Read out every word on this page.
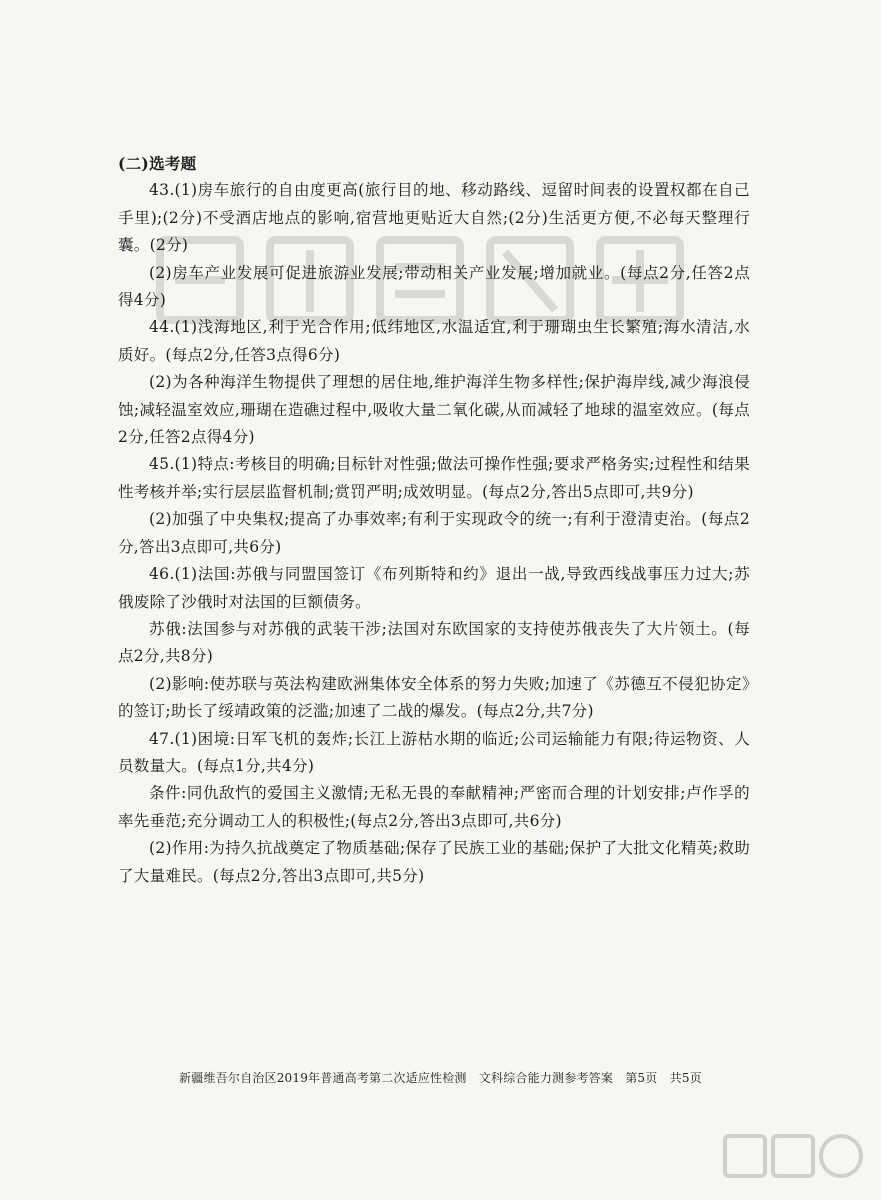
(二)选考题

43.(1)房车旅行的自由度更高(旅行目的地、移动路线、逗留时间表的设置权都在自己手里);(2分)不受酒店地点的影响,宿营地更贴近大自然;(2分)生活更方便,不必每天整理行囊。(2分)

(2)房车产业发展可促进旅游业发展;带动相关产业发展;增加就业。(每点2分,任答2点得4分)

44.(1)浅海地区,利于光合作用;低纬地区,水温适宜,利于珊瑚虫生长繁殖;海水清洁,水质好。(每点2分,任答3点得6分)

(2)为各种海洋生物提供了理想的居住地,维护海洋生物多样性;保护海岸线,减少海浪侵蚀;减轻温室效应,珊瑚在造礁过程中,吸收大量二氧化碳,从而减轻了地球的温室效应。(每点2分,任答2点得4分)

45.(1)特点:考核目的明确;目标针对性强;做法可操作性强;要求严格务实;过程性和结果性考核并举;实行层层监督机制;赏罚严明;成效明显。(每点2分,答出5点即可,共9分)

(2)加强了中央集权;提高了办事效率;有利于实现政令的统一;有利于澄清吏治。(每点2分,答出3点即可,共6分)

46.(1)法国:苏俄与同盟国签订《布列斯特和约》退出一战,导致西线战事压力过大;苏俄废除了沙俄时对法国的巨额债务。

苏俄:法国参与对苏俄的武装干涉;法国对东欧国家的支持使苏俄丧失了大片领土。(每点2分,共8分)

(2)影响:使苏联与英法构建欧洲集体安全体系的努力失败;加速了《苏德互不侵犯协定》的签订;助长了绥靖政策的泛滥;加速了二战的爆发。(每点2分,共7分)

47.(1)困境:日军飞机的轰炸;长江上游枯水期的临近;公司运输能力有限;待运物资、人员数量大。(每点1分,共4分)

条件:同仇敌忾的爱国主义激情;无私无畏的奉献精神;严密而合理的计划安排;卢作孚的率先垂范;充分调动工人的积极性;(每点2分,答出3点即可,共6分)

(2)作用:为持久抗战奠定了物质基础;保存了民族工业的基础;保护了大批文化精英;救助了大量难民。(每点2分,答出3点即可,共5分)

新疆维吾尔自治区2019年普通高考第二次适应性检测　文科综合能力测参考答案　第5页　共5页
